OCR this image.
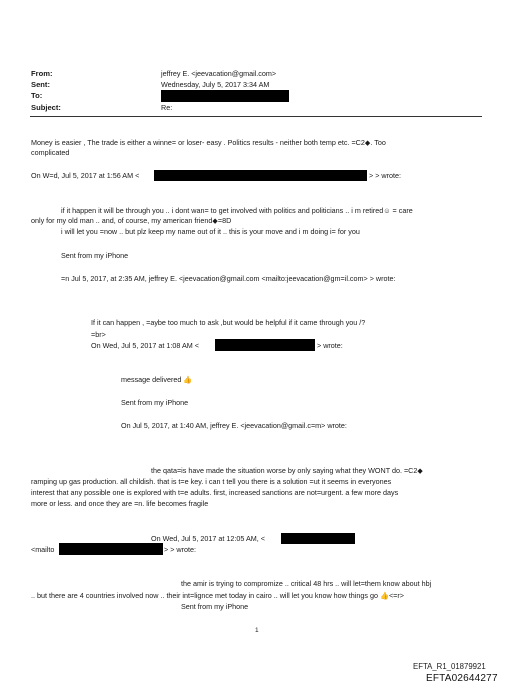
From:	jeffrey E. <jeevacation@gmail.com>
Sent:	Wednesday, July 5, 2017 3:34 AM
To:
Subject:	Re:
Money is easier , The trade is either a winne= or loser- easy . Politics results - neither both temp etc. =C2◆. Too
complicated
On W=d, Jul 5, 2017 at 1:56 AM <	> > wrote:
if it happen it will be through you .. i dont wan= to get involved with politics and politicians .. i m retired☺ = care
only for my old man .. and, of course, my american friend◆=8D
i will let you =now .. but plz keep my name out of it .. this is your move and i m doing i= for you
Sent from my iPhone
=n Jul 5, 2017, at 2:35 AM, jeffrey E. <jeevacation@gmail.com <mailto:jeevacation@gm=il.com> > wrote:
If it can happen , =aybe too much to ask ,but would be helpful if it came through you /?
=br>
On Wed, Jul 5, 2017 at 1:08 AM <	> wrote:
message delivered 👍
Sent from my iPhone
On Jul 5, 2017, at 1:40 AM, jeffrey E. <jeevacation@gmail.c=m> wrote:
the qata=is have made the situation worse by only saying what they WONT do. =C2◆
ramping up gas production. all childish. that is t=e key. i can t tell you there is a solution =ut it seems in everyones
interest that any possible one is explored with t=e adults. first, increased sanctions are not=urgent. a few more days
more or less. and once they are =n. life becomes fragile
On Wed, Jul 5, 2017 at 12:05 AM, <
<mailto	> > wrote:
the amir is trying to compromize .. critical 48 hrs .. will let=them know about hbj
.. but there are 4 countries involved now .. their int=lignce met today in cairo .. will let you know how things go 👍<=r>
Sent from my iPhone
1
EFTA_R1_01879921
EFTA02644277
